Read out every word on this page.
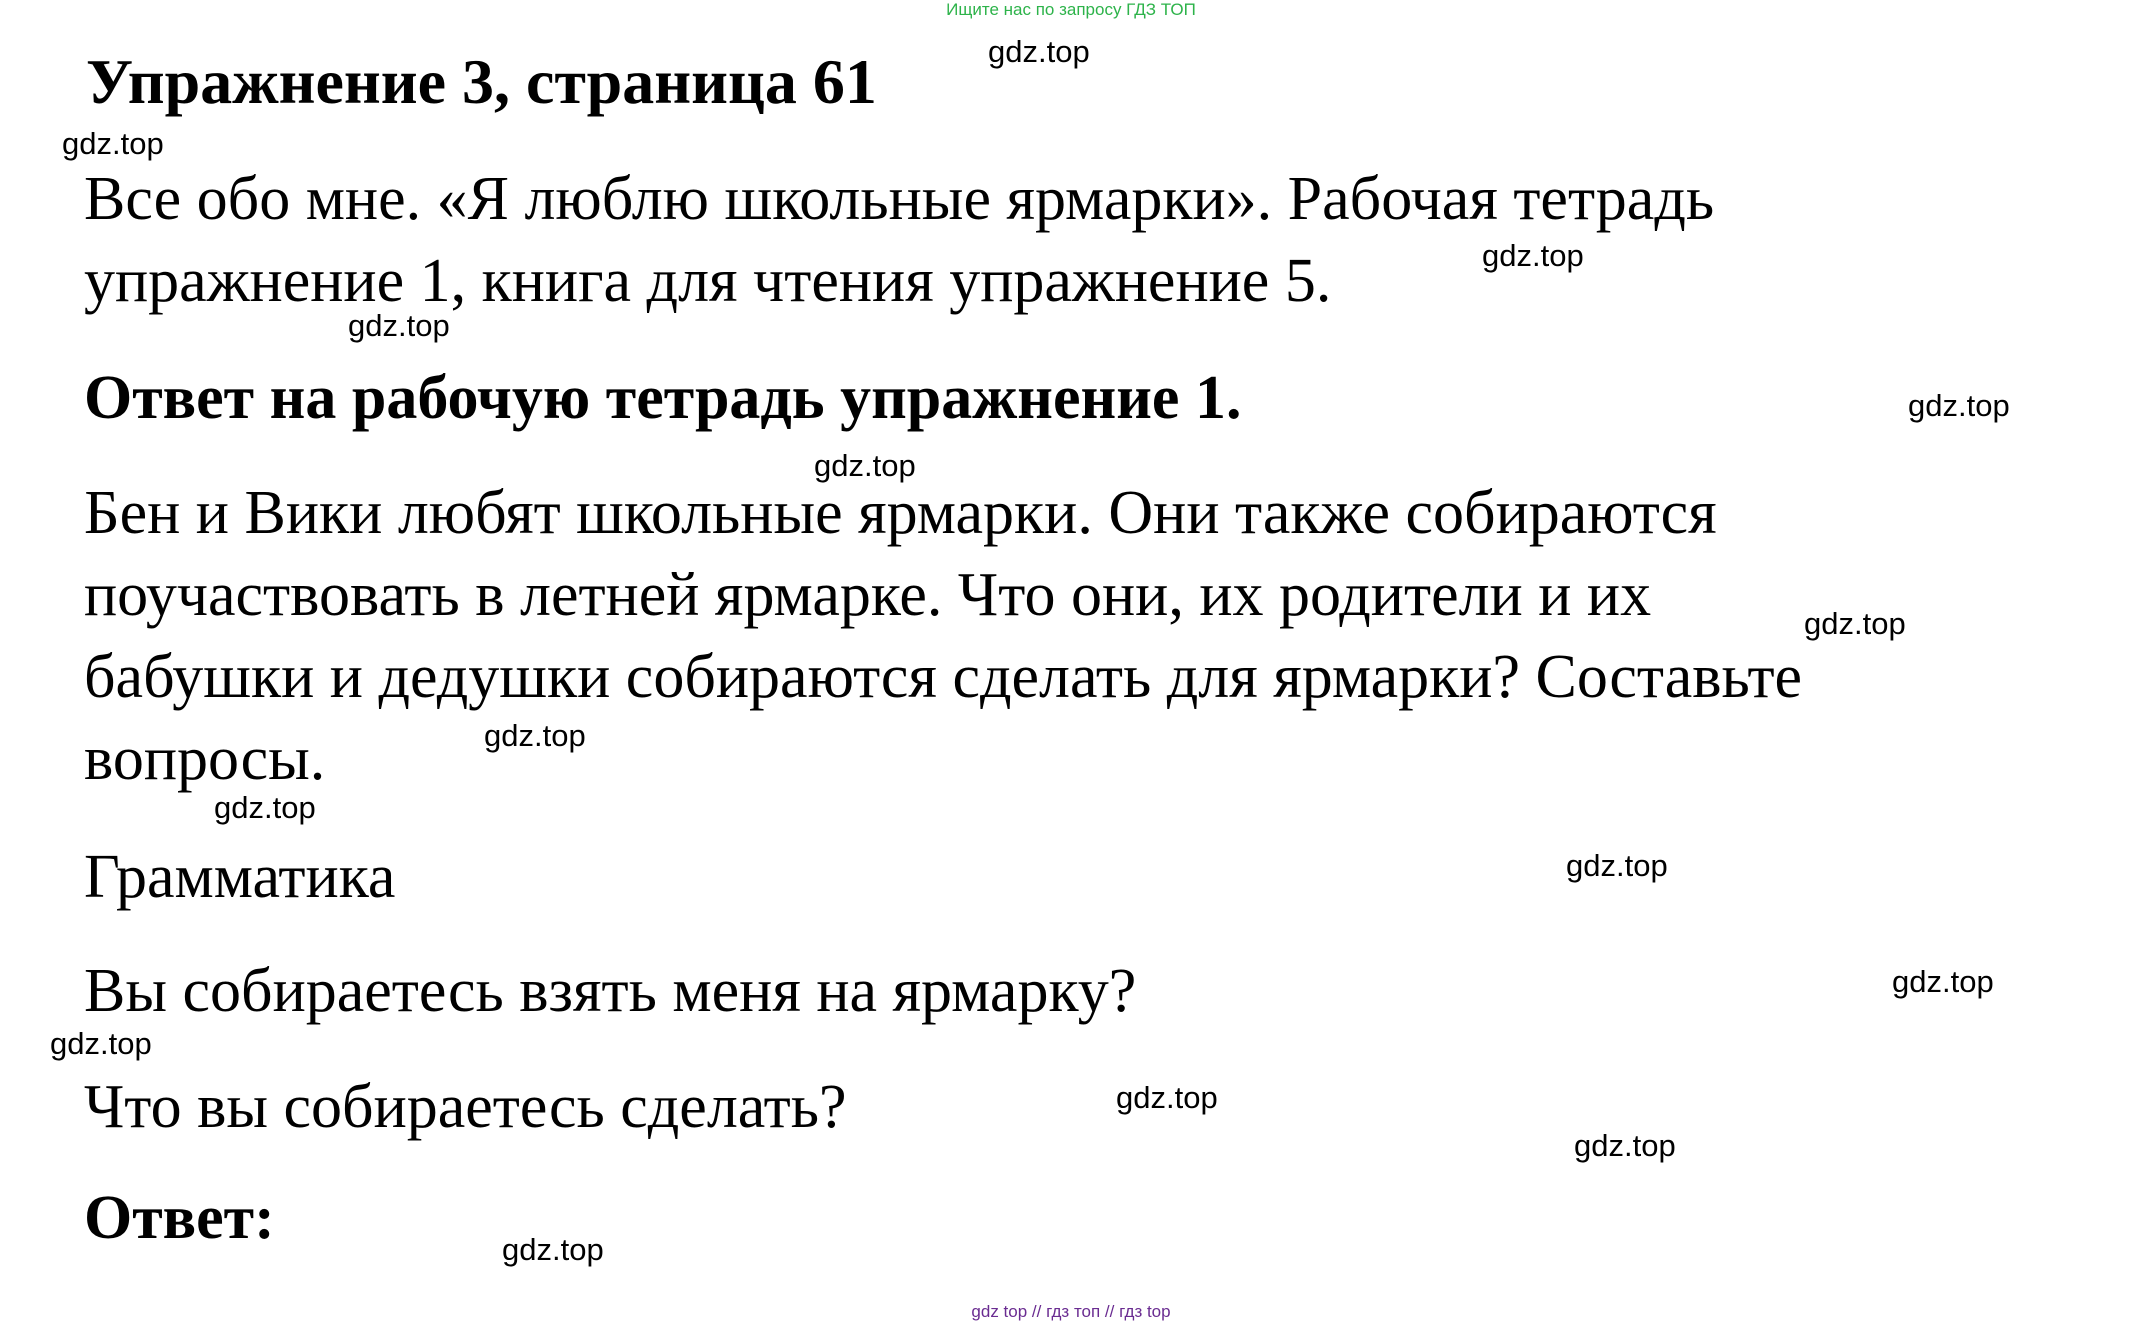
Ищите нас по запросу ГДЗ ТОП
Упражнение 3, страница 61
Все обо мне. «Я люблю школьные ярмарки». Рабочая тетрадь
упражнение 1, книга для чтения упражнение 5.
Ответ на рабочую тетрадь упражнение 1.
Бен и Вики любят школьные ярмарки. Они также собираются
поучаствовать в летней ярмарке. Что они, их родители и их
бабушки и дедушки собираются сделать для ярмарки? Составьте
вопросы.
Грамматика
Вы собираетесь взять меня на ярмарку?
Что вы собираетесь сделать?
Ответ:
gdz.top
gdz.top
gdz.top
gdz.top
gdz.top
gdz.top
gdz.top
gdz.top
gdz.top
gdz.top
gdz.top
gdz.top
gdz.top
gdz.top
gdz.top
gdz top // гдз топ // гдз top
